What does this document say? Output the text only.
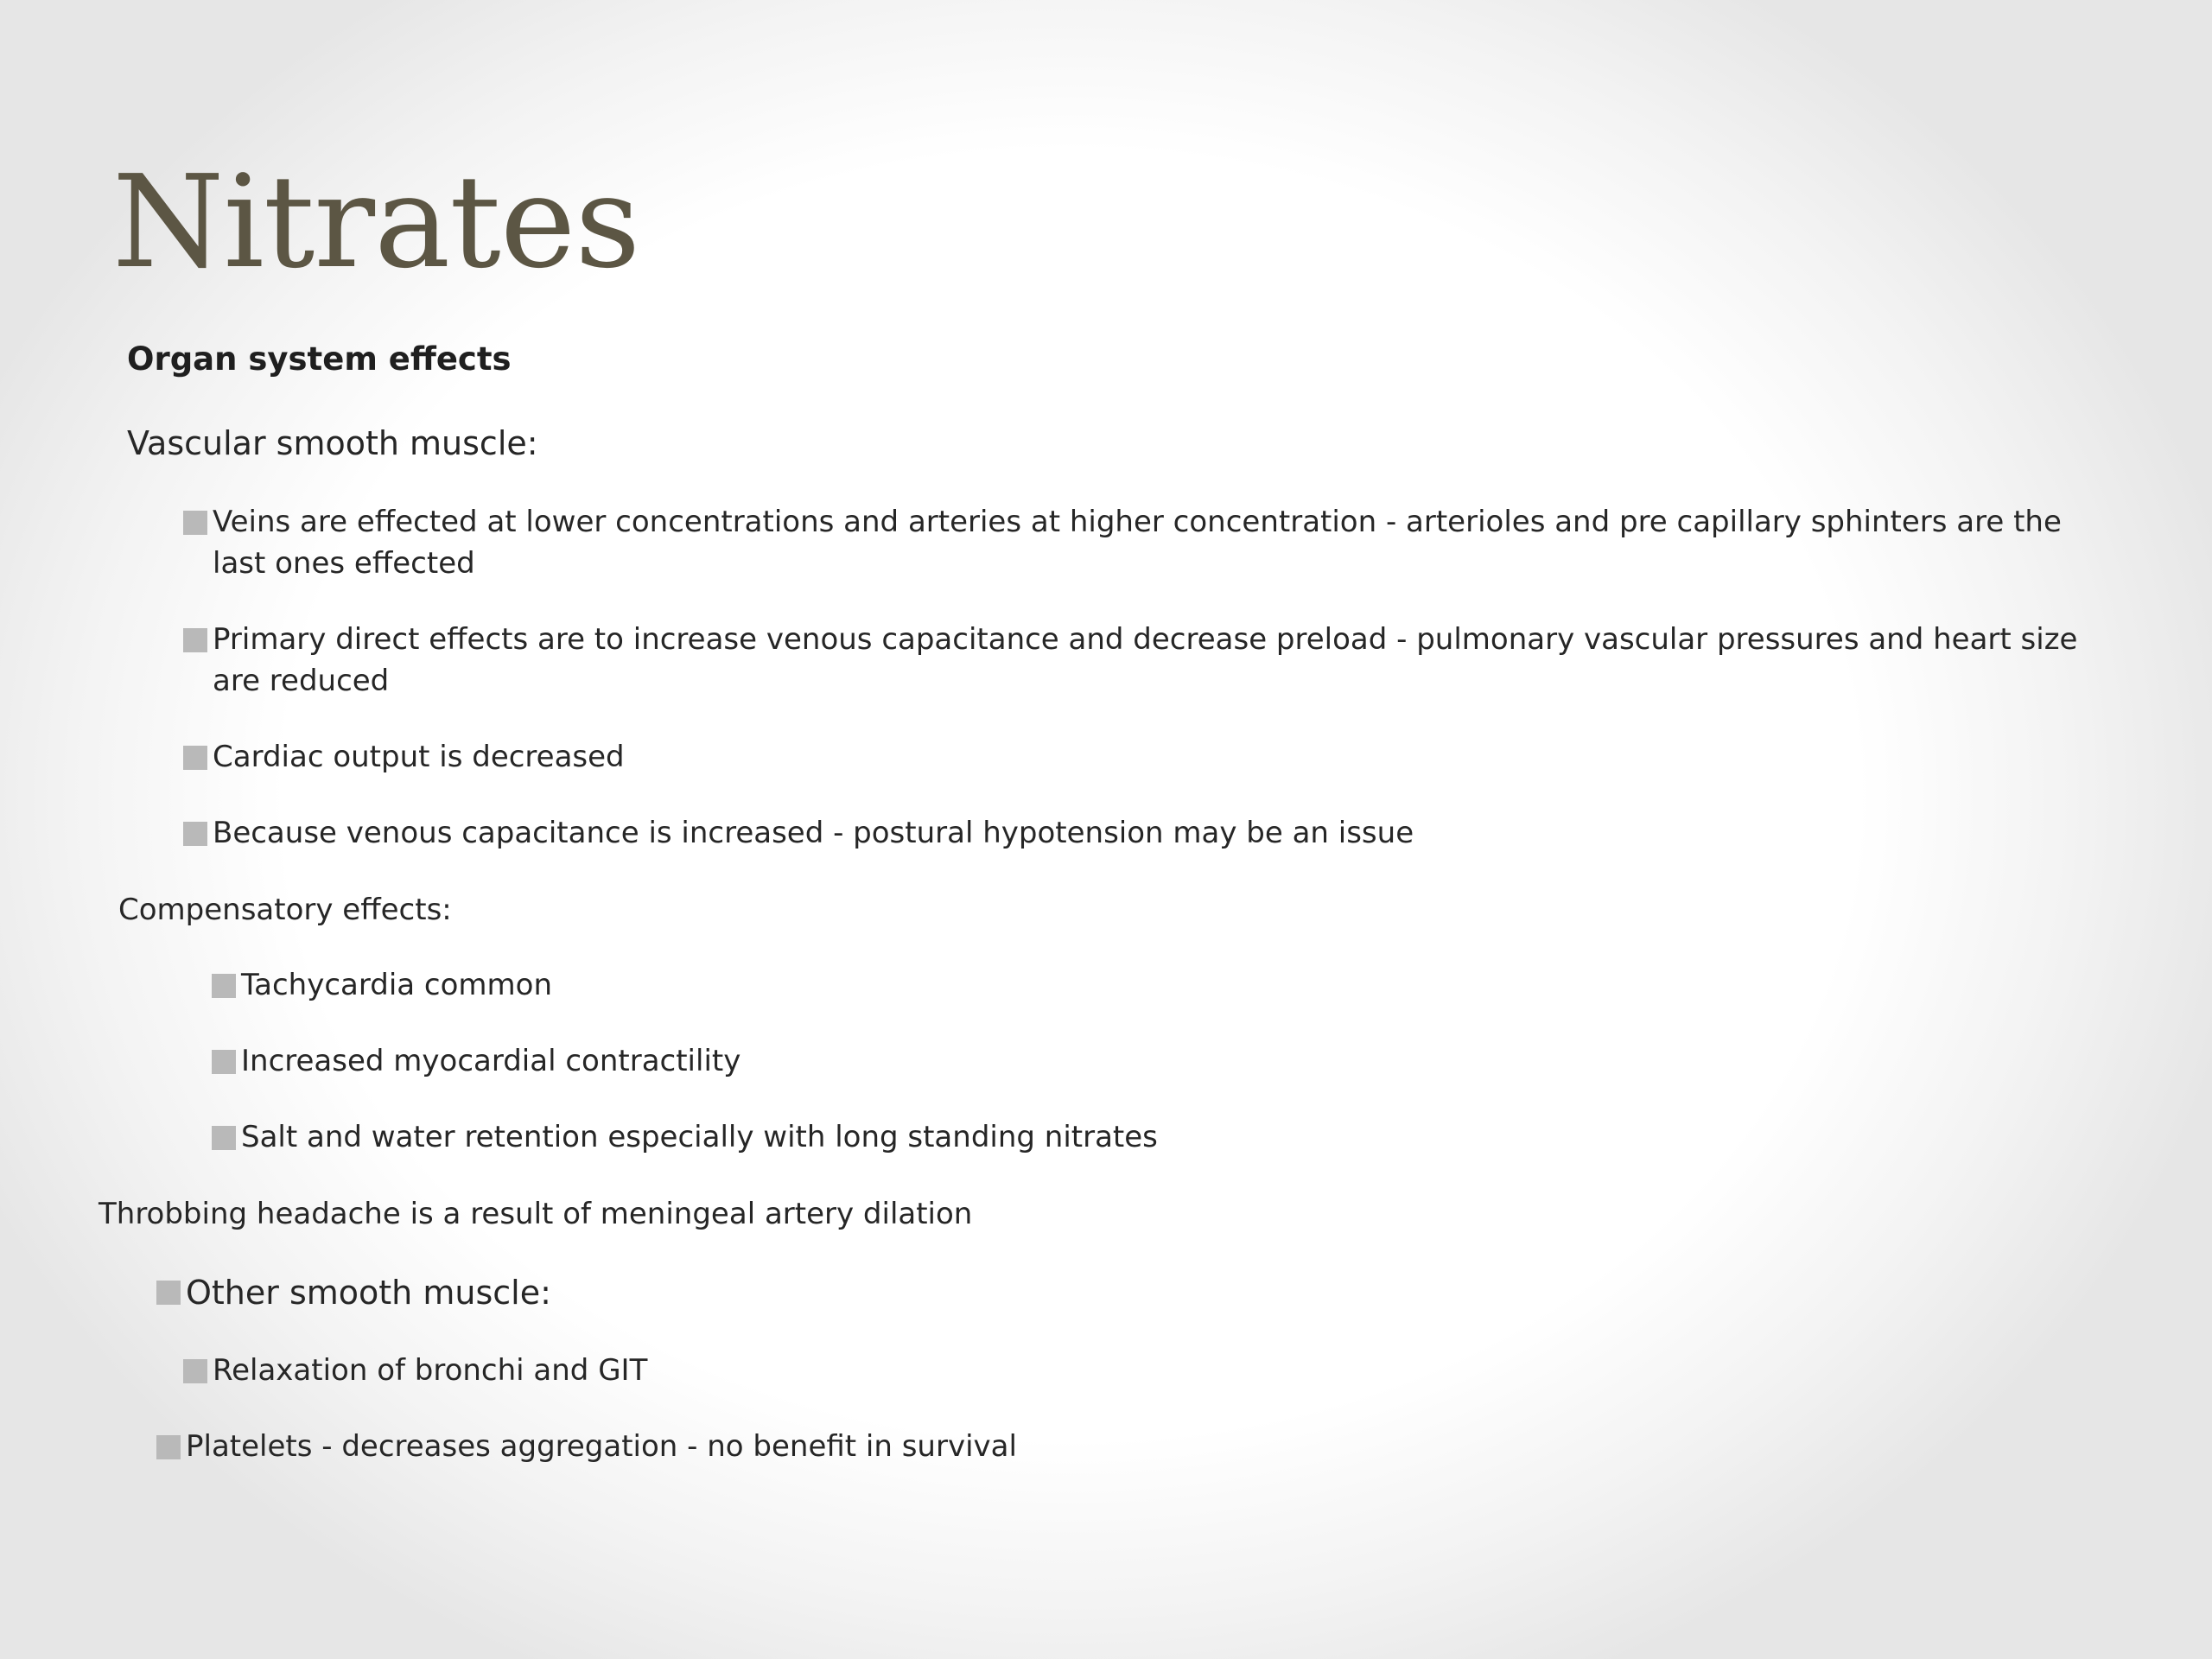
Nitrates
Organ system effects
Vascular smooth muscle:
Veins are effected at lower concentrations and arteries at higher concentration - arterioles and pre capillary sphinters are the last ones effected
Primary direct effects are to increase venous capacitance and decrease preload - pulmonary vascular pressures and heart size are reduced
Cardiac output is decreased
Because venous capacitance is increased - postural hypotension may be an issue
Compensatory effects:
Tachycardia common
Increased myocardial contractility
Salt and water retention especially with long standing nitrates
Throbbing headache is a result of meningeal artery dilation
Other smooth muscle:
Relaxation of bronchi and GIT
Platelets - decreases aggregation - no benefit in survival
